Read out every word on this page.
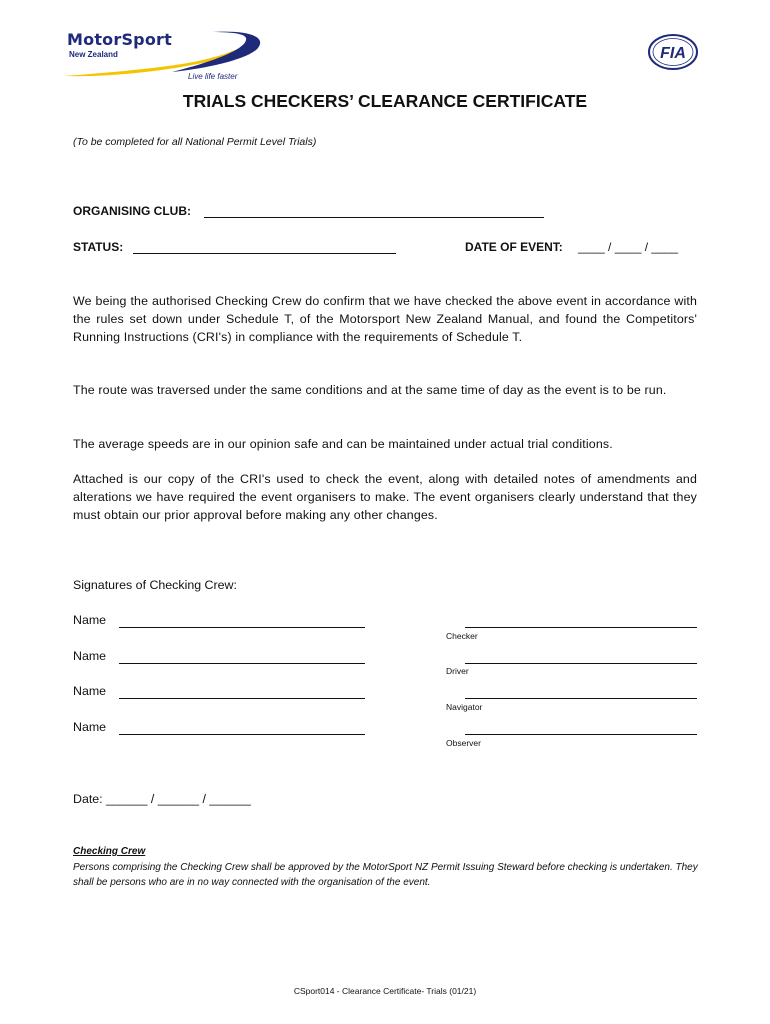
MotorSport
New Zealand
Live life faster
FIA
TRIALS CHECKERS’ CLEARANCE CERTIFICATE
(To be completed for all National Permit Level Trials)
ORGANISING CLUB:
STATUS:	DATE OF EVENT: ____ / ____ / ____
We being the authorised Checking Crew do confirm that we have checked the above event in accordance with the rules set down under Schedule T, of the Motorsport New Zealand Manual, and found the Competitors' Running Instructions (CRI's) in compliance with the requirements of Schedule T.
The route was traversed under the same conditions and at the same time of day as the event is to be run.
The average speeds are in our opinion safe and can be maintained under actual trial conditions.
Attached is our copy of the CRI's used to check the event, along with detailed notes of amendments and alterations we have required the event organisers to make. The event organisers clearly understand that they must obtain our prior approval before making any other changes.
Signatures of Checking Crew:
Name
Checker
Name
Driver
Name
Navigator
Name
Observer
Date: ______ / ______ / ______
Checking Crew
Persons comprising the Checking Crew shall be approved by the MotorSport NZ Permit Issuing Steward before checking is undertaken. They shall be persons who are in no way connected with the organisation of the event.
CSport014 - Clearance Certificate- Trials (01/21)
